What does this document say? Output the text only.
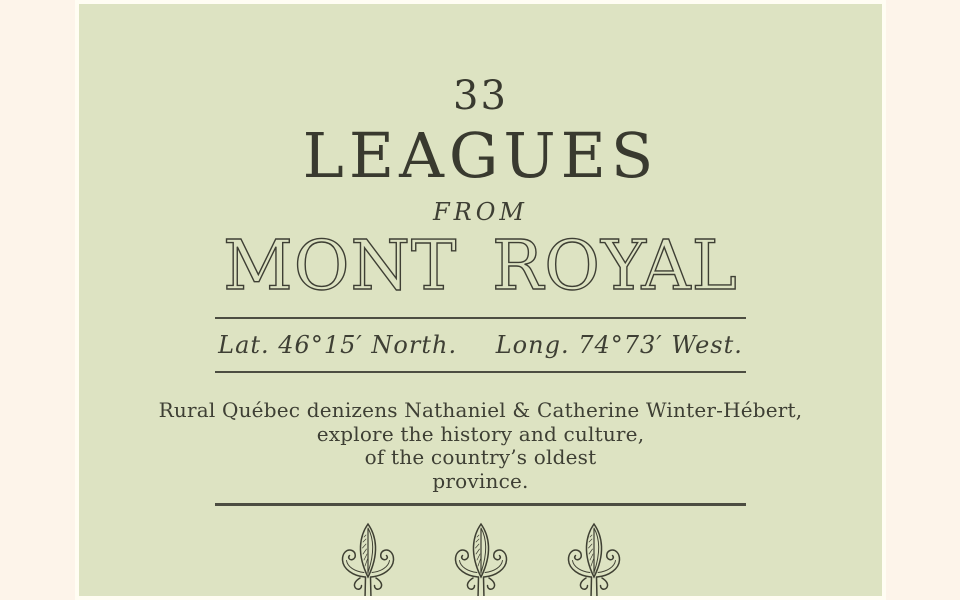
33
LEAGUES
FROM
MONT ROYAL
Lat. 46°15′ North. Long. 74°73′ West.
Rural Québec denizens Nathaniel & Catherine Winter-Hébert,
explore the history and culture,
of the country’s oldest
province.
